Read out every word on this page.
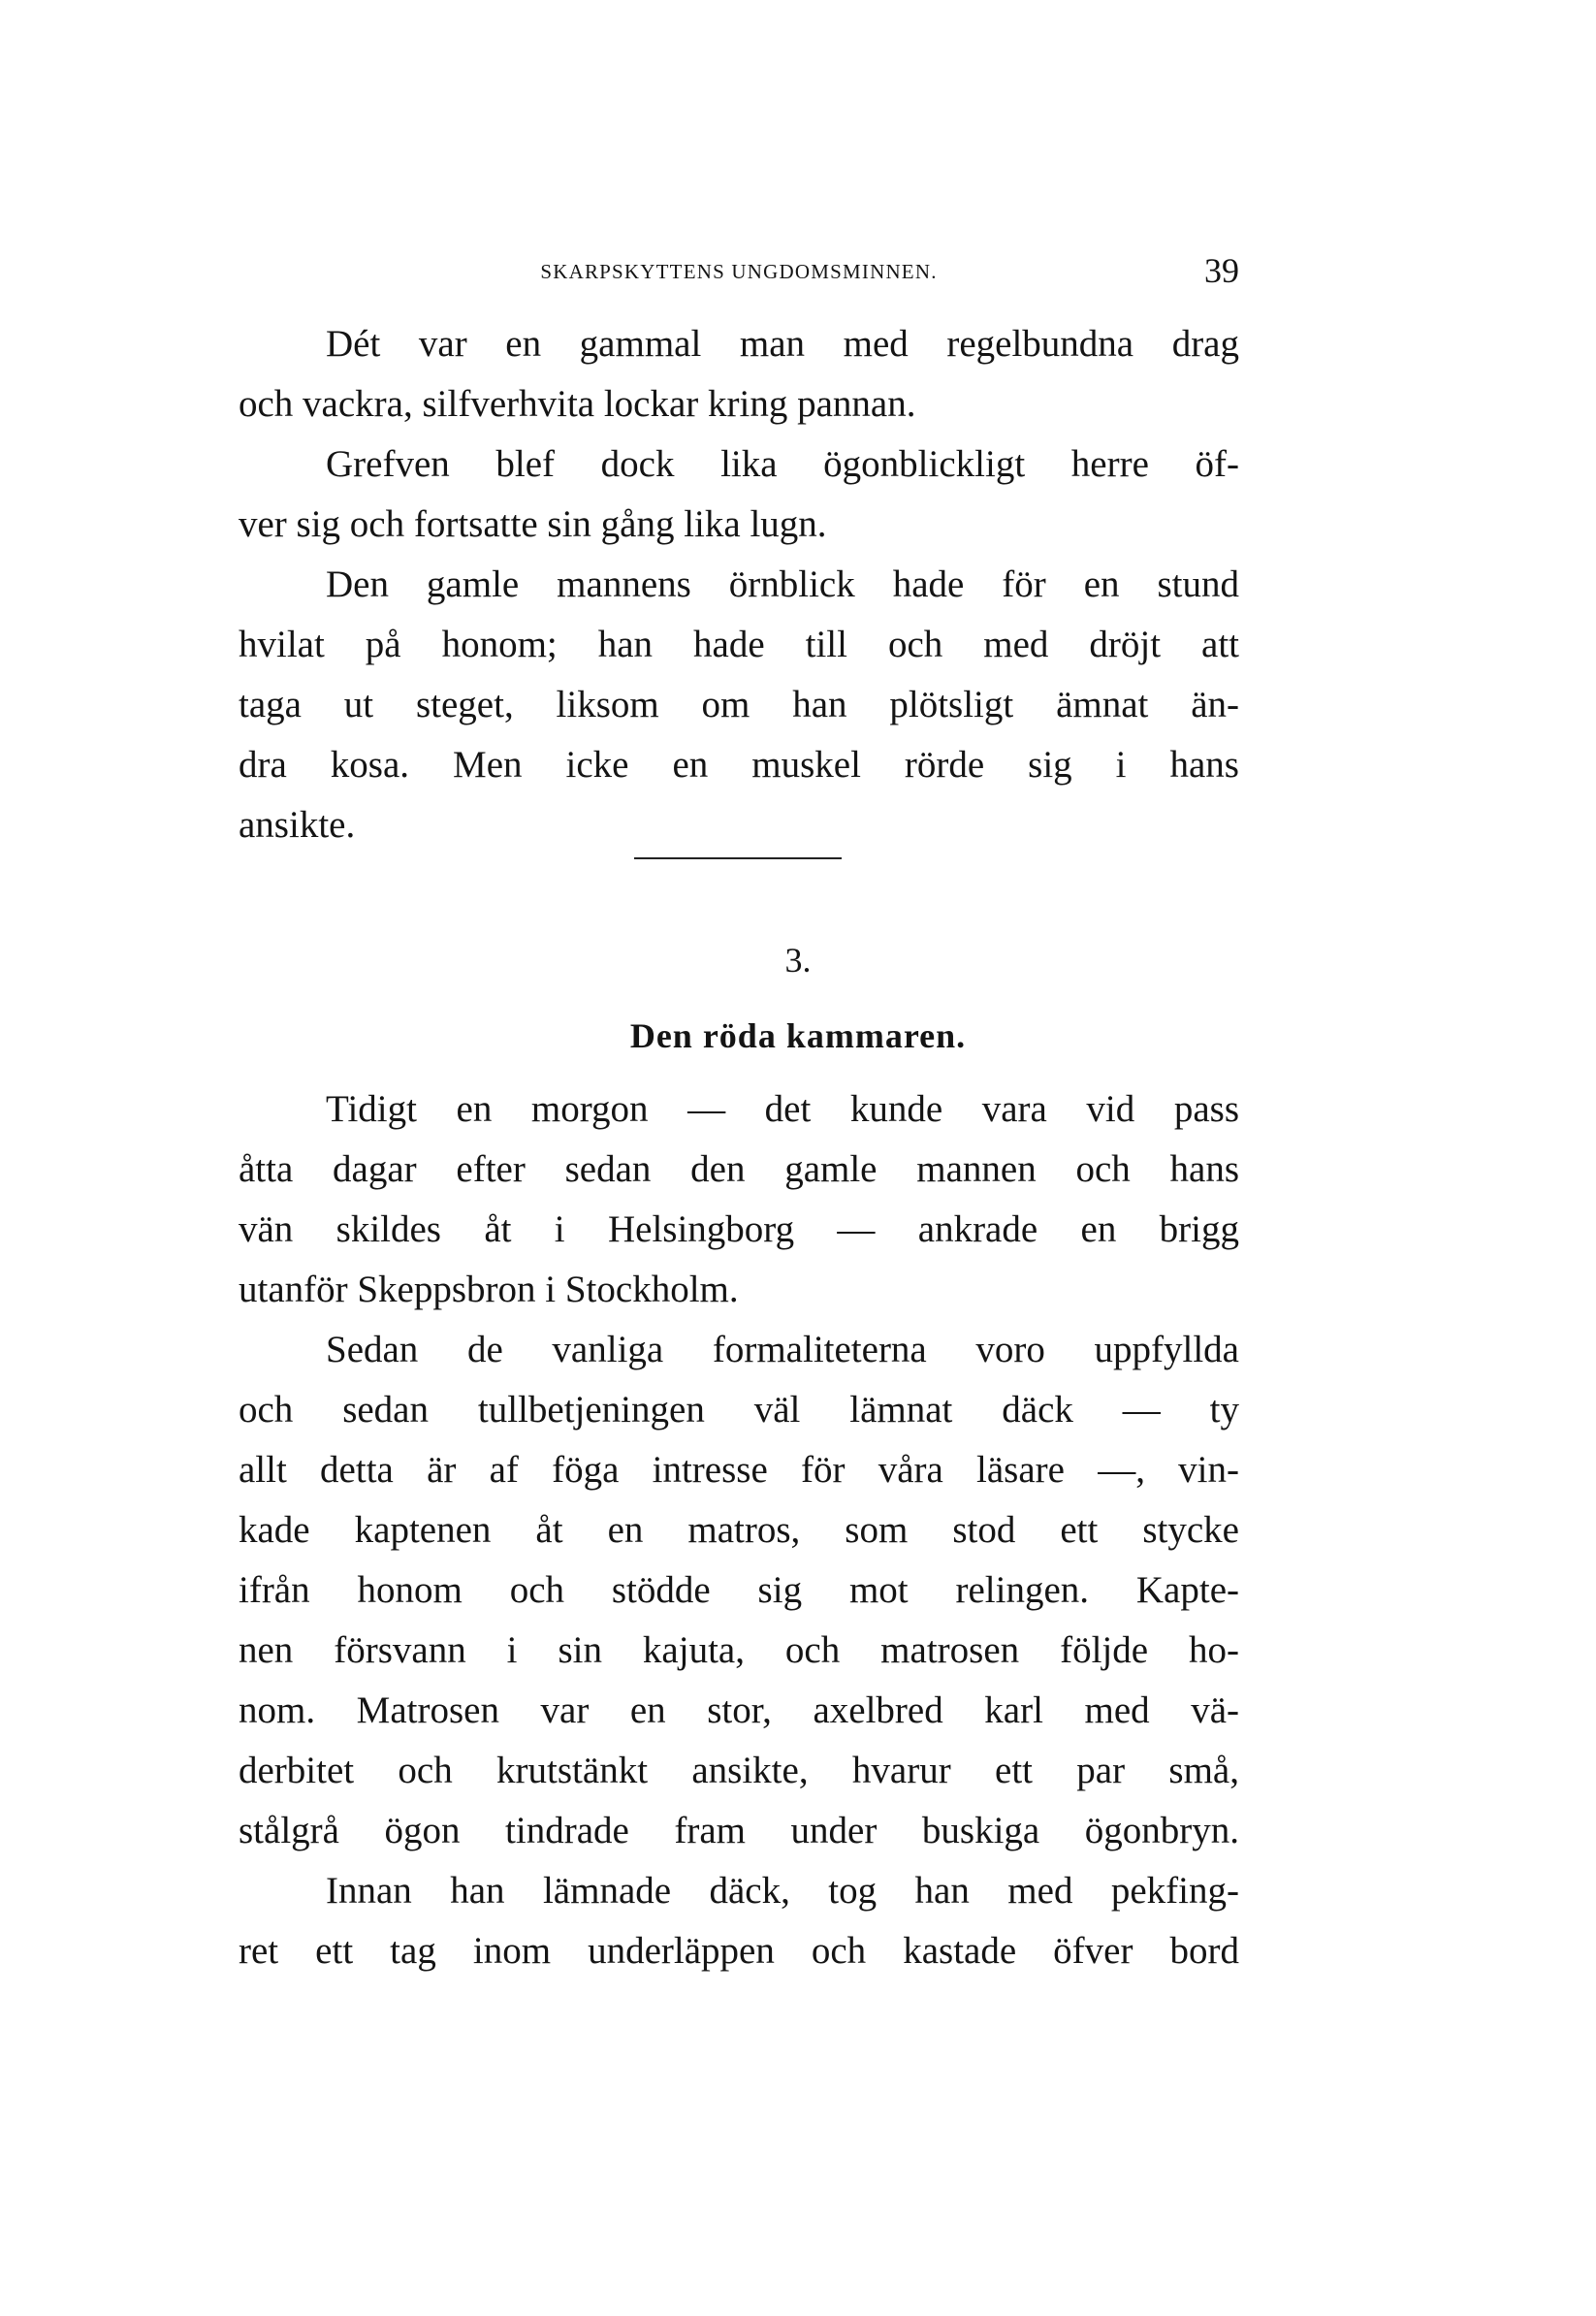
SKARPSKYTTENS UNGDOMSMINNEN.	39
Dét var en gammal man med regelbundna drag
och vackra, silfverhvita lockar kring pannan.
Grefven blef dock lika ögonblickligt herre öf-
ver sig och fortsatte sin gång lika lugn.
Den gamle mannens örnblick hade för en stund
hvilat på honom; han hade till och med dröjt att
taga ut steget, liksom om han plötsligt ämnat än-
dra kosa. Men icke en muskel rörde sig i hans
ansikte.
3.
Den röda kammaren.
Tidigt en morgon — det kunde vara vid pass
åtta dagar efter sedan den gamle mannen och hans
vän skildes åt i Helsingborg — ankrade en brigg
utanför Skeppsbron i Stockholm.
Sedan de vanliga formaliteterna voro uppfyllda
och sedan tullbetjeningen väl lämnat däck — ty
allt detta är af föga intresse för våra läsare —, vin-
kade kaptenen åt en matros, som stod ett stycke
ifrån honom och stödde sig mot relingen. Kapte-
nen försvann i sin kajuta, och matrosen följde ho-
nom. Matrosen var en stor, axelbred karl med vä-
derbitet och krutstänkt ansikte, hvarur ett par små,
stålgrå ögon tindrade fram under buskiga ögonbryn.
Innan han lämnade däck, tog han med pekfing-
ret ett tag inom underläppen och kastade öfver bord
